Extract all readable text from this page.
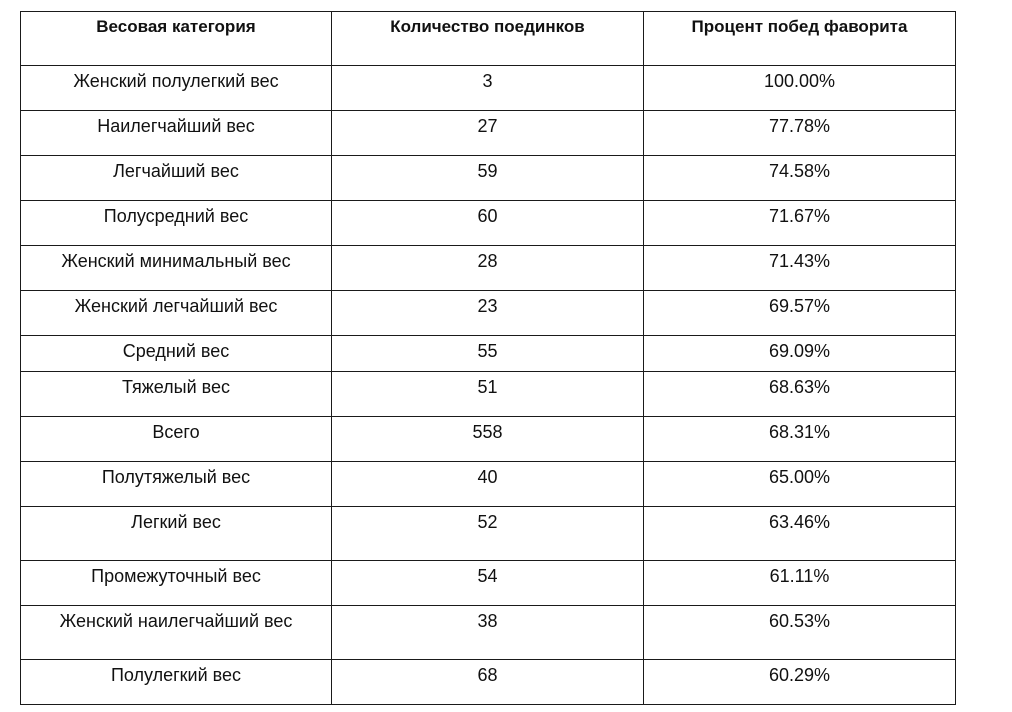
Весовая категория	Количество поединков	Процент побед фаворита
Женский полулегкий вес	3	100.00%
Наилегчайший вес	27	77.78%
Легчайший вес	59	74.58%
Полусредний вес	60	71.67%
Женский минимальный вес	28	71.43%
Женский легчайший вес	23	69.57%
Средний вес	55	69.09%
Тяжелый вес	51	68.63%
Всего	558	68.31%
Полутяжелый вес	40	65.00%
Легкий вес	52	63.46%
Промежуточный вес	54	61.11%
Женский наилегчайший вес	38	60.53%
Полулегкий вес	68	60.29%
